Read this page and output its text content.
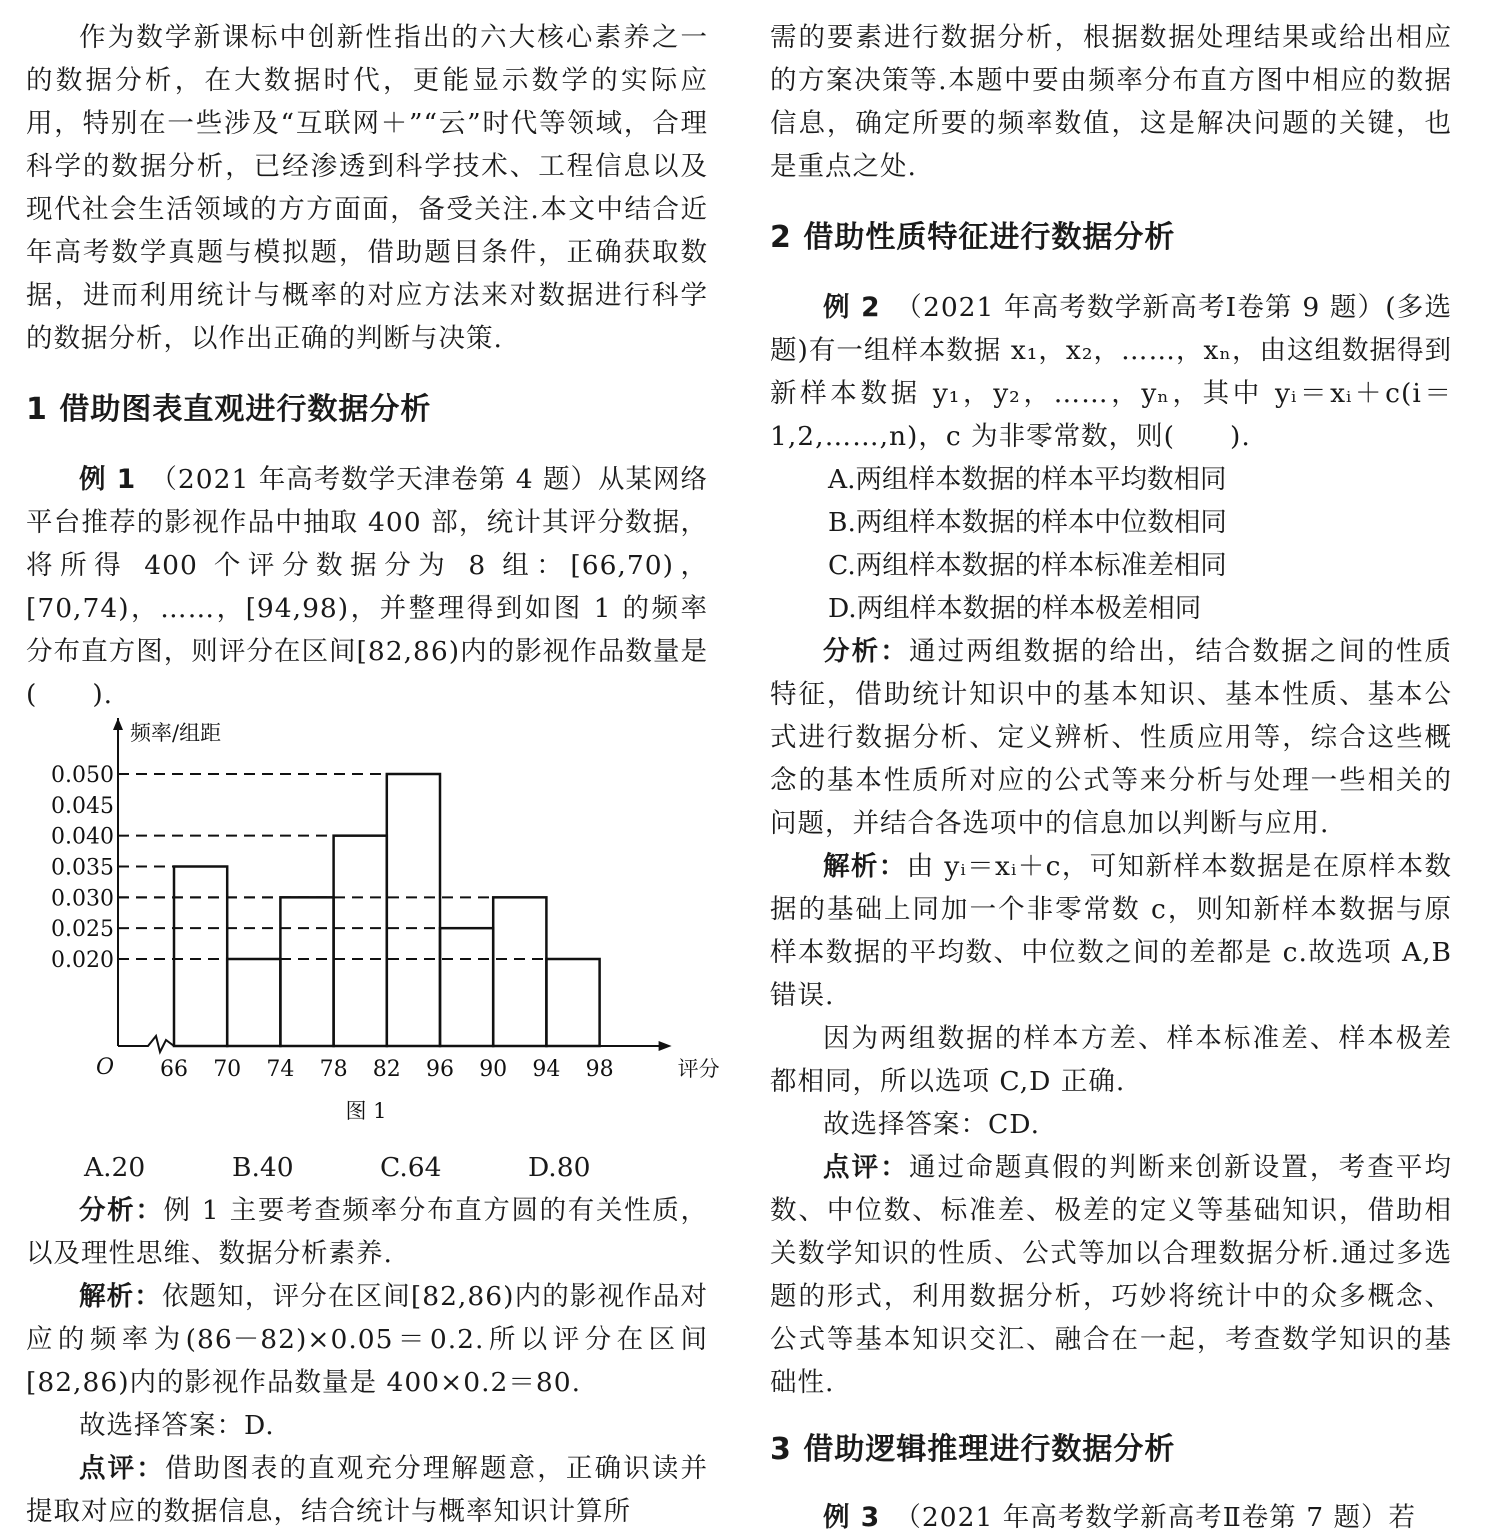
作为数学新课标中创新性指出的六大核心素养之一的数据分析，在大数据时代，更能显示数学的实际应用，特别在一些涉及“互联网＋”“云”时代等领域，合理科学的数据分析，已经渗透到科学技术、工程信息以及现代社会生活领域的方方面面，备受关注.本文中结合近年高考数学真题与模拟题，借助题目条件，正确获取数据，进而利用统计与概率的对应方法来对数据进行科学的数据分析，以作出正确的判断与决策.

1 借助图表直观进行数据分析

例 1　 （2021 年高考数学天津卷第 4 题）从某网络平台推荐的影视作品中抽取 400 部，统计其评分数据，将所得 400 个评分数据分为 8 组：[66,70)，[70,74)，……，[94,98)，并整理得到如图 1 的频率分布直方图，则评分在区间[82,86)内的影视作品数量是(　　).

0.050
0.045
0.040
0.035
0.030
0.025
0.020
66 70 74 78 82 96 90 94 98
O
频率/组距
评分
图 1
A.20	B.40	C.64	D.80

分析：例 1 主要考查频率分布直方圆的有关性质，以及理性思维、数据分析素养.

解析：依题知，评分在区间[82,86)内的影视作品对应的频率为(86－82)×0.05＝0.2.所以评分在区间[82,86)内的影视作品数量是 400×0.2＝80.

故选择答案：D.

点评：借助图表的直观充分理解题意，正确识读并提取对应的数据信息，结合统计与概率知识计算所

需的要素进行数据分析，根据数据处理结果或给出相应的方案决策等.本题中要由频率分布直方图中相应的数据信息，确定所要的频率数值，这是解决问题的关键，也是重点之处.

2 借助性质特征进行数据分析

例 2　 （2021 年高考数学新高考Ⅰ卷第 9 题）(多选题)有一组样本数据 x₁，x₂，……，xₙ，由这组数据得到新样本数据 y₁，y₂，……，yₙ，其中 yᵢ＝xᵢ＋c(i＝1,2,……,n)，c 为非零常数，则(　　).

A.两组样本数据的样本平均数相同
B.两组样本数据的样本中位数相同
C.两组样本数据的样本标准差相同
D.两组样本数据的样本极差相同

分析：通过两组数据的给出，结合数据之间的性质特征，借助统计知识中的基本知识、基本性质、基本公式进行数据分析、定义辨析、性质应用等，综合这些概念的基本性质所对应的公式等来分析与处理一些相关的问题，并结合各选项中的信息加以判断与应用.

解析：由 yᵢ＝xᵢ＋c，可知新样本数据是在原样本数据的基础上同加一个非零常数 c，则知新样本数据与原样本数据的平均数、中位数之间的差都是 c.故选项 A,B 错误.

因为两组数据的样本方差、样本标准差、样本极差都相同，所以选项 C,D 正确.

故选择答案：CD.

点评：通过命题真假的判断来创新设置，考查平均数、中位数、标准差、极差的定义等基础知识，借助相关数学知识的性质、公式等加以合理数据分析.通过多选题的形式，利用数据分析，巧妙将统计中的众多概念、公式等基本知识交汇、融合在一起，考查数学知识的基础性.

3 借助逻辑推理进行数据分析

例 3　 （2021 年高考数学新高考Ⅱ卷第 7 题）若
